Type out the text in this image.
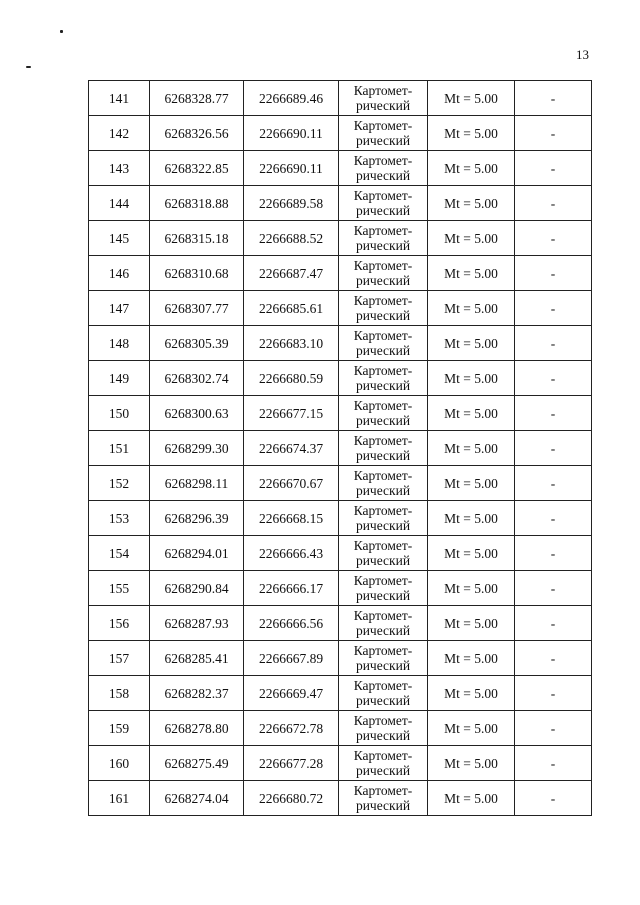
13
141	6268328.77	2266689.46	Картомет-
рический	Mt = 5.00	-
142	6268326.56	2266690.11	Картомет-
рический	Mt = 5.00	-
143	6268322.85	2266690.11	Картомет-
рический	Mt = 5.00	-
144	6268318.88	2266689.58	Картомет-
рический	Mt = 5.00	-
145	6268315.18	2266688.52	Картомет-
рический	Mt = 5.00	-
146	6268310.68	2266687.47	Картомет-
рический	Mt = 5.00	-
147	6268307.77	2266685.61	Картомет-
рический	Mt = 5.00	-
148	6268305.39	2266683.10	Картомет-
рический	Mt = 5.00	-
149	6268302.74	2266680.59	Картомет-
рический	Mt = 5.00	-
150	6268300.63	2266677.15	Картомет-
рический	Mt = 5.00	-
151	6268299.30	2266674.37	Картомет-
рический	Mt = 5.00	-
152	6268298.11	2266670.67	Картомет-
рический	Mt = 5.00	-
153	6268296.39	2266668.15	Картомет-
рический	Mt = 5.00	-
154	6268294.01	2266666.43	Картомет-
рический	Mt = 5.00	-
155	6268290.84	2266666.17	Картомет-
рический	Mt = 5.00	-
156	6268287.93	2266666.56	Картомет-
рический	Mt = 5.00	-
157	6268285.41	2266667.89	Картомет-
рический	Mt = 5.00	-
158	6268282.37	2266669.47	Картомет-
рический	Mt = 5.00	-
159	6268278.80	2266672.78	Картомет-
рический	Mt = 5.00	-
160	6268275.49	2266677.28	Картомет-
рический	Mt = 5.00	-
161	6268274.04	2266680.72	Картомет-
рический	Mt = 5.00	-
